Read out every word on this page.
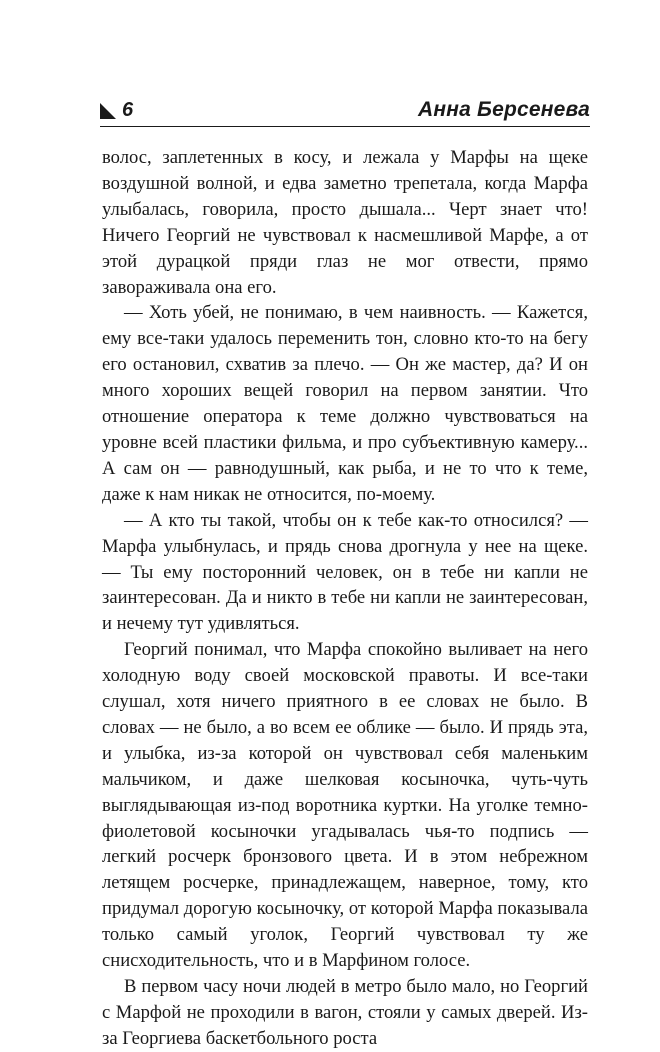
6	Анна Берсенева

волос, заплетенных в косу, и лежала у Марфы на щеке воздушной волной, и едва заметно трепетала, когда Марфа улыбалась, говорила, просто дышала... Черт знает что! Ничего Георгий не чувствовал к насмешливой Марфе, а от этой дурацкой пряди глаз не мог отвести, прямо завораживала она его.

— Хоть убей, не понимаю, в чем наивность. — Кажется, ему все-таки удалось переменить тон, словно кто-то на бегу его остановил, схватив за плечо. — Он же мастер, да? И он много хороших вещей говорил на первом занятии. Что отношение оператора к теме должно чувствоваться на уровне всей пластики фильма, и про субъективную камеру... А сам он — равнодушный, как рыба, и не то что к теме, даже к нам никак не относится, по-моему.

— А кто ты такой, чтобы он к тебе как-то относился? — Марфа улыбнулась, и прядь снова дрогнула у нее на щеке. — Ты ему посторонний человек, он в тебе ни капли не заинтересован. Да и никто в тебе ни капли не заинтересован, и нечему тут удивляться.

Георгий понимал, что Марфа спокойно выливает на него холодную воду своей московской правоты. И все-таки слушал, хотя ничего приятного в ее словах не было. В словах — не было, а во всем ее облике — было. И прядь эта, и улыбка, из-за которой он чувствовал себя маленьким мальчиком, и даже шелковая косыночка, чуть-чуть выглядывающая из-под воротника куртки. На уголке темно-фиолетовой косыночки угадывалась чья-то подпись — легкий росчерк бронзового цвета. И в этом небрежном летящем росчерке, принадлежащем, наверное, тому, кто придумал дорогую косыночку, от которой Марфа показывала только самый уголок, Георгий чувствовал ту же снисходительность, что и в Марфином голосе.

В первом часу ночи людей в метро было мало, но Георгий с Марфой не проходили в вагон, стояли у самых дверей. Из-за Георгиева баскетбольного роста
